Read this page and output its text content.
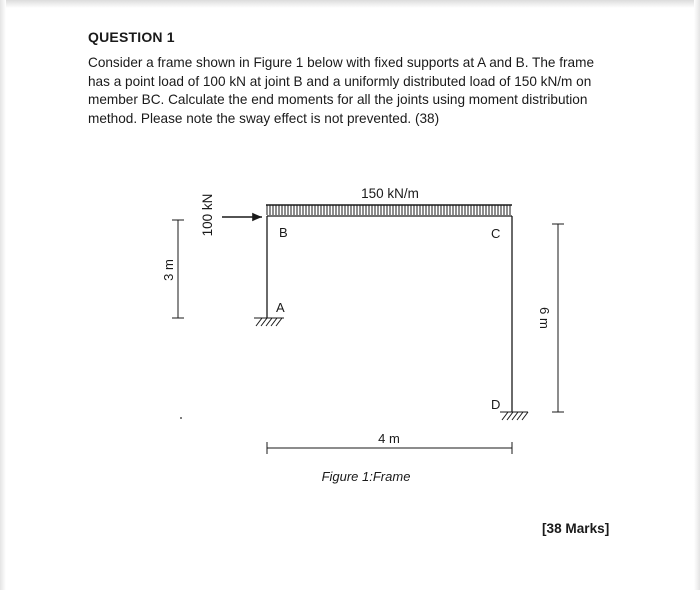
QUESTION 1
Consider a frame shown in Figure 1 below with fixed supports at A and B. The frame has a point load of 100 kN at joint B and a uniformly distributed load of 150 kN/m on member BC. Calculate the end moments for all the joints using moment distribution method. Please note the sway effect is not prevented. (38)
150 kN/m
100 kN	B	C
A
D
3 m
6 m
4 m
Figure 1:Frame
[38 Marks]
